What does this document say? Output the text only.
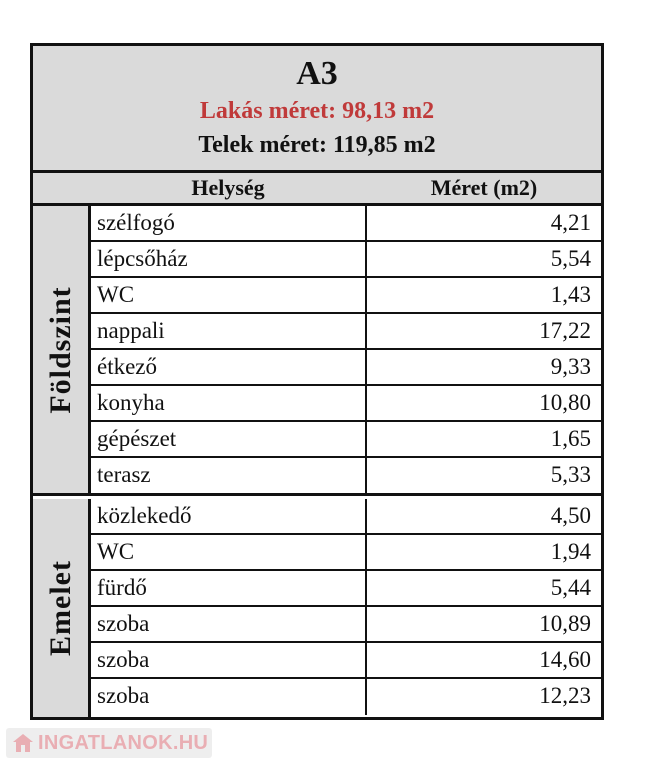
A3
Lakás méret: 98,13 m2
Telek méret: 119,85 m2
Helység	Méret (m2)
Földszint
szélfogó	4,21
lépcsőház	5,54
WC	1,43
nappali	17,22
étkező	9,33
konyha	10,80
gépészet	1,65
terasz	5,33
Emelet
közlekedő	4,50
WC	1,94
fürdő	5,44
szoba	10,89
szoba	14,60
szoba	12,23
INGATLANOK.HU
